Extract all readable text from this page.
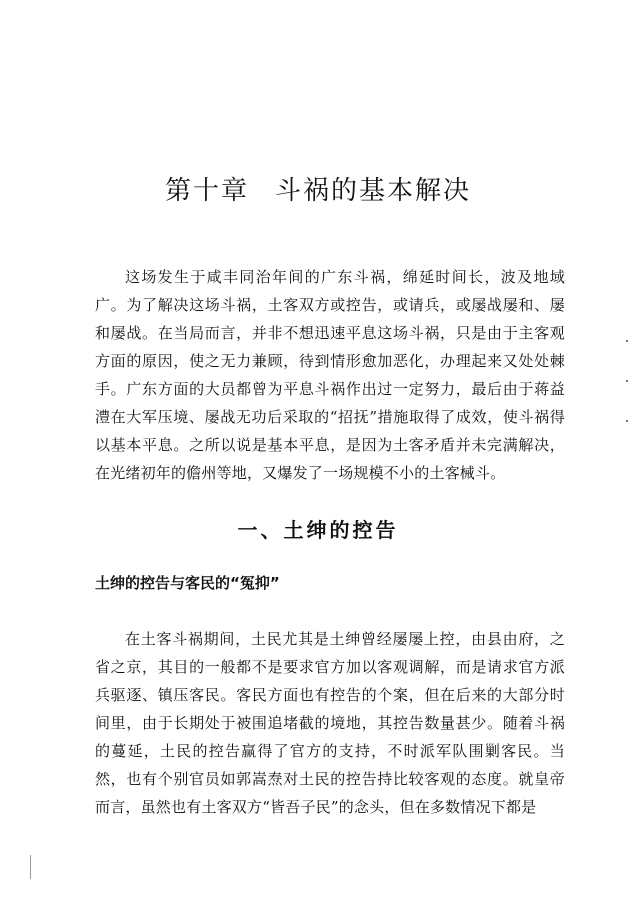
第十章 斗祸的基本解决

这场发生于咸丰同治年间的广东斗祸，绵延时间长，波及地域广。为了解决这场斗祸，土客双方或控告，或请兵，或屡战屡和、屡和屡战。在当局而言，并非不想迅速平息这场斗祸，只是由于主客观方面的原因，使之无力兼顾，待到情形愈加恶化，办理起来又处处棘手。广东方面的大员都曾为平息斗祸作出过一定努力，最后由于蒋益澧在大军压境、屡战无功后采取的“招抚”措施取得了成效，使斗祸得以基本平息。之所以说是基本平息，是因为土客矛盾并未完满解决，在光绪初年的儋州等地，又爆发了一场规模不小的土客械斗。

一、土绅的控告
土绅的控告与客民的“冤抑”

在土客斗祸期间，土民尤其是土绅曾经屡屡上控，由县由府，之省之京，其目的一般都不是要求官方加以客观调解，而是请求官方派兵驱逐、镇压客民。客民方面也有控告的个案，但在后来的大部分时间里，由于长期处于被围追堵截的境地，其控告数量甚少。随着斗祸的蔓延，土民的控告赢得了官方的支持，不时派军队围剿客民。当然，也有个别官员如郭嵩焘对土民的控告持比较客观的态度。就皇帝而言，虽然也有土客双方“皆吾子民”的念头，但在多数情况下都是
